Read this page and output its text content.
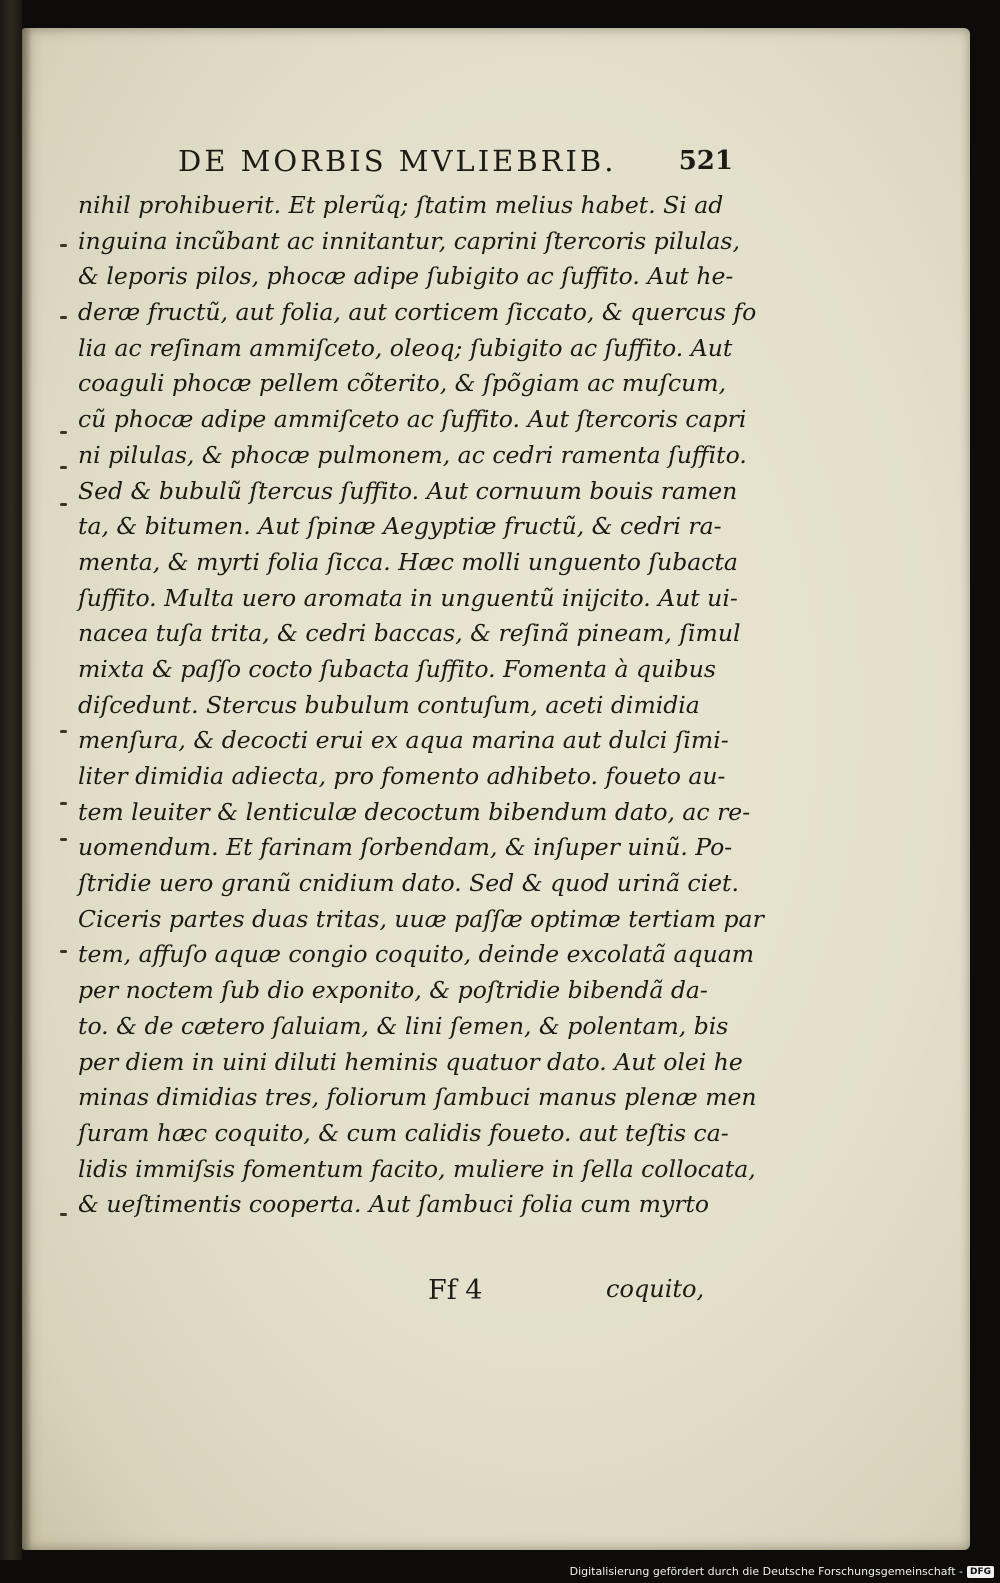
DE MORBIS MVLIEBRIB. 521
nihil prohibuerit. Et plerũq; ſtatim melius habet. Si ad
inguina incũbant ac innitantur, caprini ſtercoris pilulas,
& leporis pilos, phocæ adipe ſubigito ac ſuffito. Aut he-
deræ fructũ, aut folia, aut corticem ſiccato, & quercus fo
lia ac reſinam ammiſceto, oleoq; ſubigito ac ſuffito. Aut
coaguli phocæ pellem cõterito, & ſpõgiam ac muſcum,
cũ phocæ adipe ammiſceto ac ſuffito. Aut ſtercoris capri
ni pilulas, & phocæ pulmonem, ac cedri ramenta ſuffito.
Sed & bubulũ ſtercus ſuffito. Aut cornuum bouis ramen
ta, & bitumen. Aut ſpinæ Aegyptiæ fructũ, & cedri ra-
menta, & myrti folia ſicca. Hæc molli unguento ſubacta
ſuffito. Multa uero aromata in unguentũ inijcito. Aut ui-
nacea tuſa trita, & cedri baccas, & reſinã pineam, ſimul
mixta & paſſo cocto ſubacta ſuffito. Fomenta à quibus
diſcedunt. Stercus bubulum contuſum, aceti dimidia
menſura, & decocti erui ex aqua marina aut dulci ſimi-
liter dimidia adiecta, pro fomento adhibeto. foueto au-
tem leuiter & lenticulæ decoctum bibendum dato, ac re-
uomendum. Et farinam ſorbendam, & inſuper uinũ. Po-
ſtridie uero granũ cnidium dato. Sed & quod urinã ciet.
Ciceris partes duas tritas, uuæ paſſæ optimæ tertiam par
tem, affuſo aquæ congio coquito, deinde excolatã aquam
per noctem ſub dio exponito, & poſtridie bibendã da-
to. & de cætero ſaluiam, & lini ſemen, & polentam, bis
per diem in uini diluti heminis quatuor dato. Aut olei he
minas dimidias tres, foliorum ſambuci manus plenæ men
ſuram hæc coquito, & cum calidis foueto. aut teſtis ca-
lidis immiſsis fomentum facito, muliere in ſella collocata,
& ueſtimentis cooperta. Aut ſambuci folia cum myrto
Ff 4	coquito,
Digitalisierung gefördert durch die Deutsche Forschungsgemeinschaft - DFG
